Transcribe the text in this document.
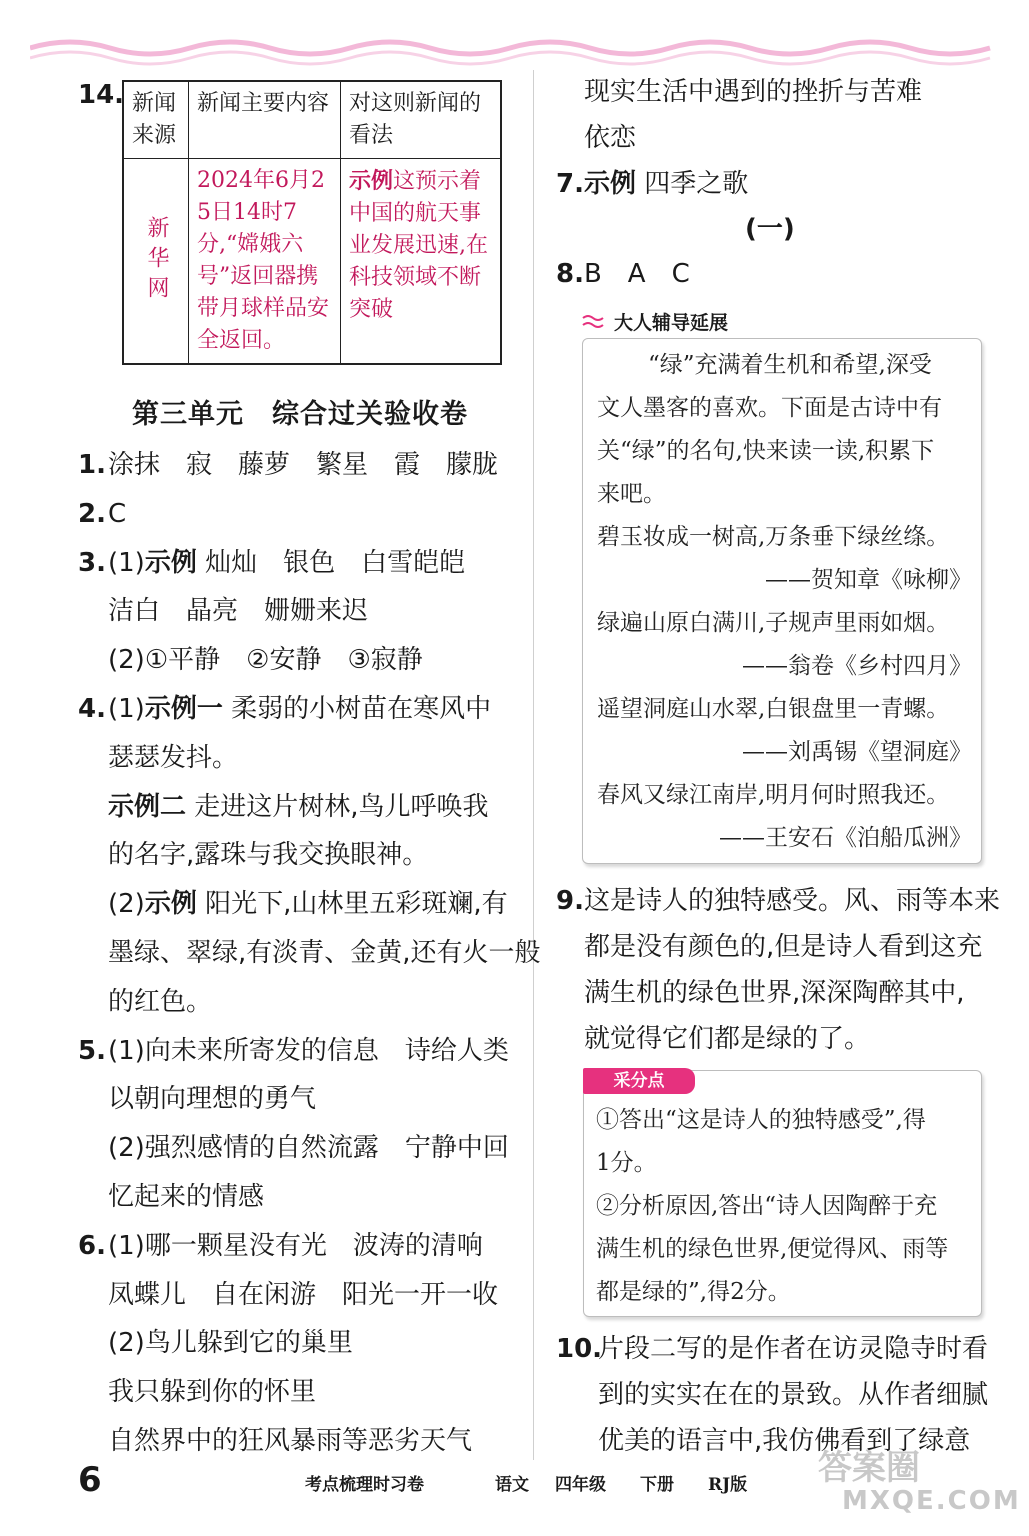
14. 新闻来源	新闻主要内容	对这则新闻的看法
新华网	2024年6月25日14时7分,“嫦娥六号”返回器携带月球样品安全返回。	示例这预示着中国的航天事业发展迅速,在科技领域不断突破
第三单元　综合过关验收卷
1.涂抹　寂　藤萝　繁星　霞　朦胧
2.C
3.(1)示例 灿灿　银色　白雪皑皑
洁白　晶亮　姗姗来迟
(2)①平静　②安静　③寂静
4.(1)示例一 柔弱的小树苗在寒风中
瑟瑟发抖。
示例二 走进这片树林,鸟儿呼唤我
的名字,露珠与我交换眼神。
(2)示例 阳光下,山林里五彩斑斓,有
墨绿、翠绿,有淡青、金黄,还有火一般
的红色。
5.(1)向未来所寄发的信息　诗给人类
以朝向理想的勇气
(2)强烈感情的自然流露　宁静中回
忆起来的情感
6.(1)哪一颗星没有光　波涛的清响
凤蝶儿　自在闲游　阳光一开一收
(2)鸟儿躲到它的巢里
我只躲到你的怀里
自然界中的狂风暴雨等恶劣天气
现实生活中遇到的挫折与苦难
依恋
7.示例 四季之歌
(一)
8.B　A　C
大人辅导延展
“绿”充满着生机和希望,深受
文人墨客的喜欢。下面是古诗中有
关“绿”的名句,快来读一读,积累下
来吧。
碧玉妆成一树高,万条垂下绿丝绦。
——贺知章《咏柳》
绿遍山原白满川,子规声里雨如烟。
——翁卷《乡村四月》
遥望洞庭山水翠,白银盘里一青螺。
——刘禹锡《望洞庭》
春风又绿江南岸,明月何时照我还。
——王安石《泊船瓜洲》
9.这是诗人的独特感受。风、雨等本来
都是没有颜色的,但是诗人看到这充
满生机的绿色世界,深深陶醉其中,
就觉得它们都是绿的了。
采分点
①答出“这是诗人的独特感受”,得
1分。
②分析原因,答出“诗人因陶醉于充
满生机的绿色世界,便觉得风、雨等
都是绿的”,得2分。
10.片段二写的是作者在访灵隐寺时看
到的实实在在的景致。从作者细腻
优美的语言中,我仿佛看到了绿意
6	考点梳理时习卷	语文 四年级 下册 RJ版 答案圈
MXQE.COM
